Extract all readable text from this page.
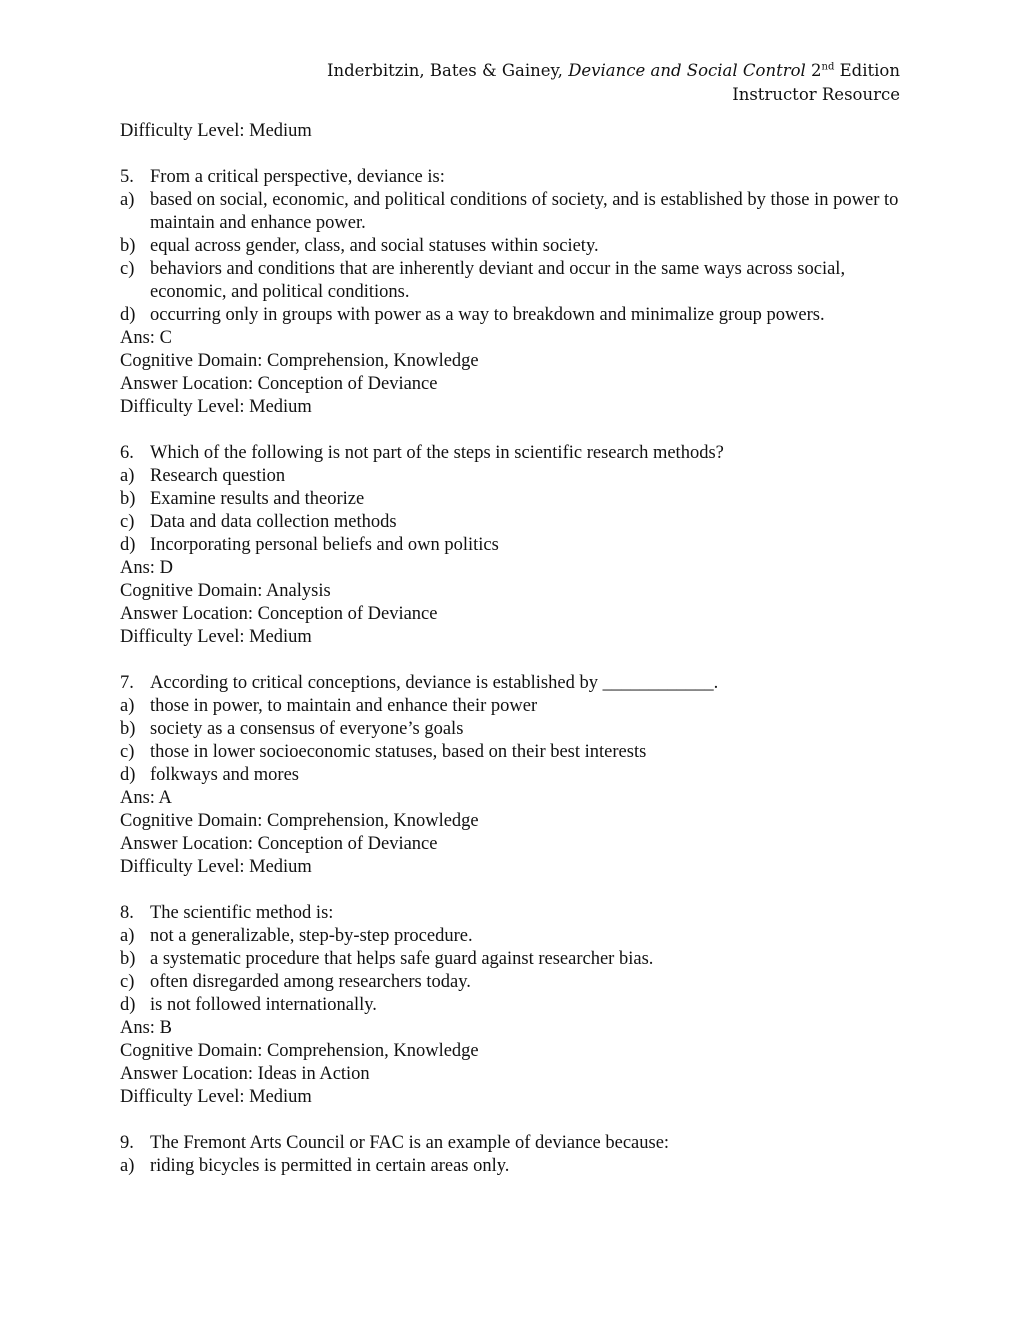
Inderbitzin, Bates & Gainey, Deviance and Social Control 2nd Edition
Instructor Resource

Difficulty Level: Medium

5. From a critical perspective, deviance is:
a) based on social, economic, and political conditions of society, and is established by those in power to maintain and enhance power.
b) equal across gender, class, and social statuses within society.
c) behaviors and conditions that are inherently deviant and occur in the same ways across social, economic, and political conditions.
d) occurring only in groups with power as a way to breakdown and minimalize group powers.

Ans: C

Cognitive Domain: Comprehension, Knowledge

Answer Location: Conception of Deviance

Difficulty Level: Medium

6. Which of the following is not part of the steps in scientific research methods?
a) Research question
b) Examine results and theorize
c) Data and data collection methods
d) Incorporating personal beliefs and own politics

Ans: D

Cognitive Domain: Analysis

Answer Location: Conception of Deviance

Difficulty Level: Medium

7. According to critical conceptions, deviance is established by ____________.
a) those in power, to maintain and enhance their power
b) society as a consensus of everyone’s goals
c) those in lower socioeconomic statuses, based on their best interests
d) folkways and mores

Ans: A

Cognitive Domain: Comprehension, Knowledge

Answer Location: Conception of Deviance

Difficulty Level: Medium

8. The scientific method is:
a) not a generalizable, step-by-step procedure.
b) a systematic procedure that helps safe guard against researcher bias.
c) often disregarded among researchers today.
d) is not followed internationally.

Ans: B

Cognitive Domain: Comprehension, Knowledge

Answer Location: Ideas in Action

Difficulty Level: Medium

9. The Fremont Arts Council or FAC is an example of deviance because:
a) riding bicycles is permitted in certain areas only.
